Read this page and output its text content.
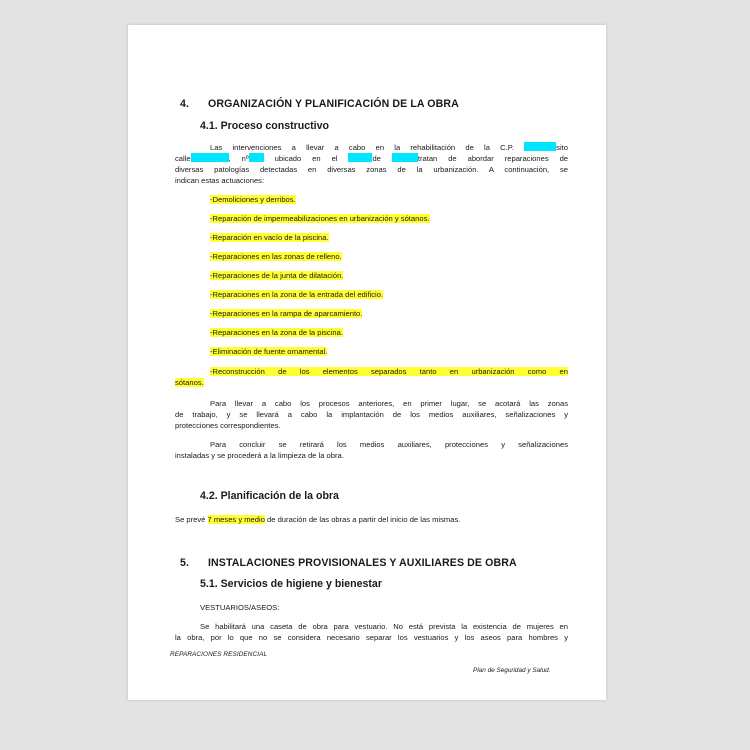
4. ORGANIZACIÓN Y PLANIFICACIÓN DE LA OBRA
4.1. Proceso constructivo
Las intervenciones a llevar a cabo en la rehabilitación de la C.P.	sito
calle	, nº ubicado en el	de	tratan de abordar reparaciones de
diversas patologías detectadas en diversas zonas de la urbanización. A continuación, se
indican estas actuaciones:
-Demoliciones y derribos.
-Reparación de impermeabilizaciones en urbanización y sótanos.
-Reparación en vacío de la piscina.
-Reparaciones en las zonas de relleno.
-Reparaciones de la junta de dilatación.
-Reparaciones en la zona de la entrada del edificio.
-Reparaciones en la rampa de aparcamiento.
-Reparaciones en la zona de la piscina.
-Eliminación de fuente ornamental.
-Reconstrucción de los elementos separados tanto en urbanización como en
sótanos.
Para llevar a cabo los procesos anteriores, en primer lugar, se acotará las zonas
de trabajo, y se llevará a cabo la implantación de los medios auxiliares, señalizaciones y
protecciones correspondientes.
Para concluir se retirará los medios auxiliares, protecciones y señalizaciones
instaladas y se procederá a la limpieza de la obra.
4.2. Planificación de la obra
Se prevé 7 meses y medio de duración de las obras a partir del inicio de las mismas.
5. INSTALACIONES PROVISIONALES Y AUXILIARES DE OBRA
5.1. Servicios de higiene y bienestar
VESTUARIOS/ASEOS:
Se habilitará una caseta de obra para vestuario. No está prevista la existencia de mujeres en
la obra, por lo que no se considera necesario separar los vestuarios y los aseos para hombres y
REPARACIONES RESIDENCIAL
Plan de Seguridad y Salud.
